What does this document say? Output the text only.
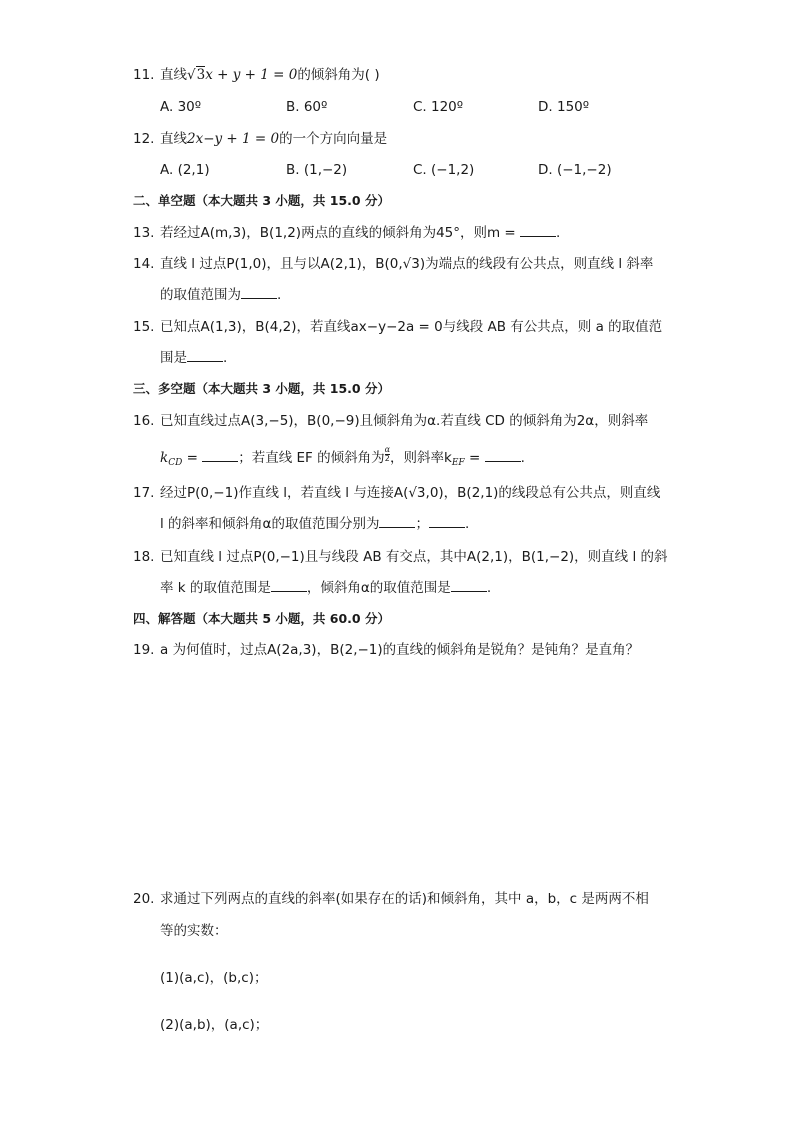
11. 直线√3x + y + 1 = 0的倾斜角为( )
A. 30º	B. 60º	C. 120º	D. 150º
12. 直线2x−y + 1 = 0的一个方向向量是
A. (2,1)	B. (1,−2)	C. (−1,2)	D. (−1,−2)
二、单空题（本大题共 3 小题，共 15.0 分）
13. 若经过A(m,3)，B(1,2)两点的直线的倾斜角为45°，则m =	.
14. 直线 l 过点P(1,0)，且与以A(2,1)，B(0,√3)为端点的线段有公共点，则直线 l 斜率
的取值范围为	.
15. 已知点A(1,3)，B(4,2)，若直线ax−y−2a = 0与线段 AB 有公共点，则 a 的取值范
围是	.
三、多空题（本大题共 3 小题，共 15.0 分）
16. 已知直线过点A(3,−5)，B(0,−9)且倾斜角为α.若直线 CD 的倾斜角为2α，则斜率
$k_{CD}$ =	；若直线 EF 的倾斜角为 $\frac{\alpha}{2}$ ，则斜率$k_{EF}$ =	.
17. 经过P(0,−1)作直线 l，若直线 l 与连接A(√3,0)，B(2,1)的线段总有公共点，则直线
l 的斜率和倾斜角α的取值范围分别为	；	.
18. 已知直线 l 过点P(0,−1)且与线段 AB 有交点，其中A(2,1)，B(1,−2)，则直线 l 的斜
率 k 的取值范围是	，倾斜角α的取值范围是	.
四、解答题（本大题共 5 小题，共 60.0 分）
19. a 为何值时，过点A(2a,3)，B(2,−1)的直线的倾斜角是锐角？是钝角？是直角？
20. 求通过下列两点的直线的斜率(如果存在的话)和倾斜角，其中 a，b，c 是两两不相
等的实数：
(1)(a,c)，(b,c)；
(2)(a,b)，(a,c)；
